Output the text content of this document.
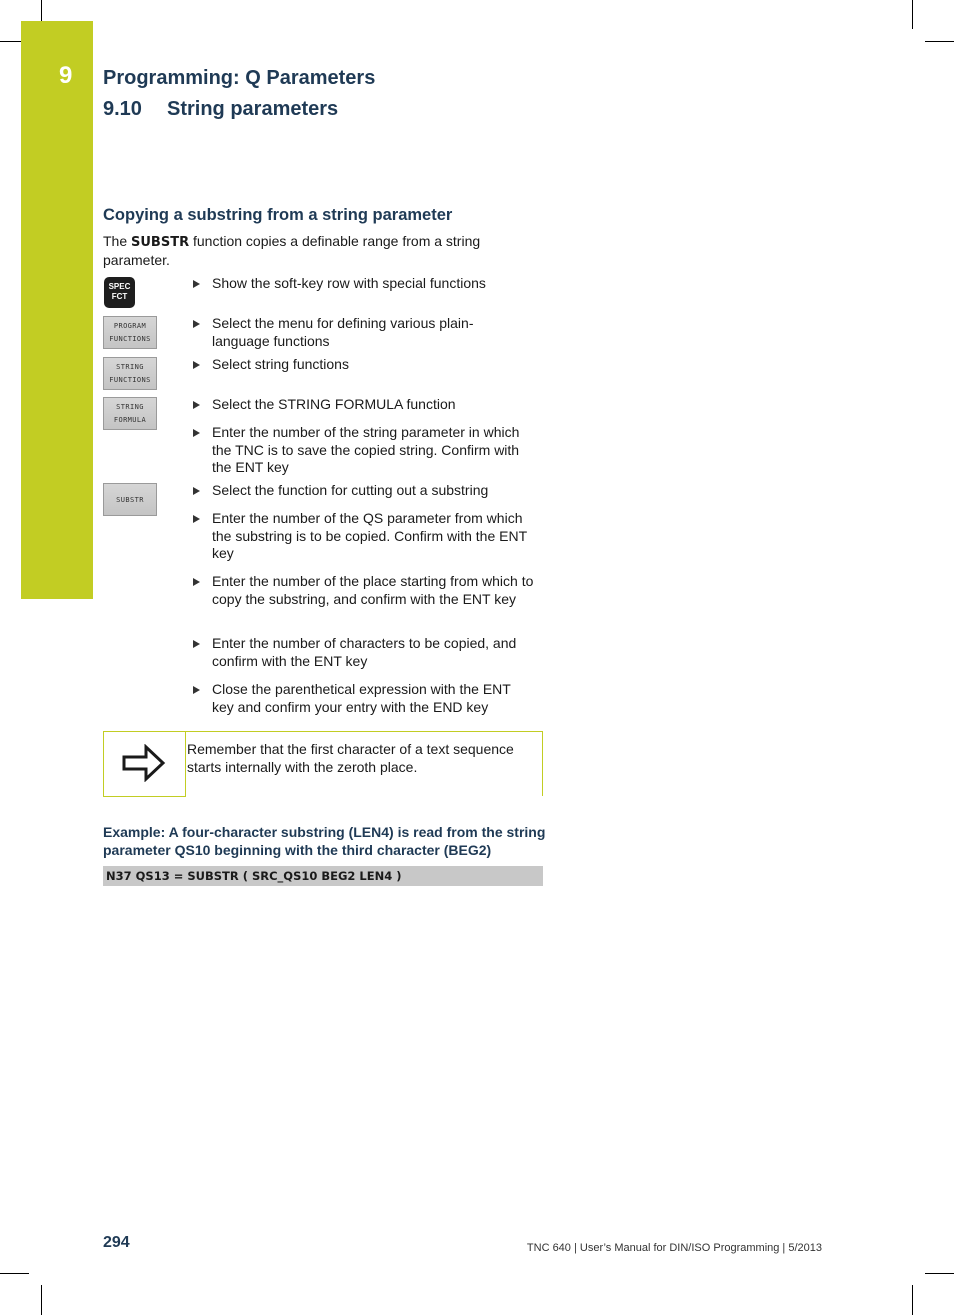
9 Programming: Q Parameters
9.10 String parameters
Copying a substring from a string parameter
The SUBSTR function copies a definable range from a string parameter.
SPEC
FCT
PROGRAM
FUNCTIONS
STRING
FUNCTIONS
STRING
FORMULA
SUBSTR
Show the soft-key row with special functions
Select the menu for defining various plain-language functions
Select string functions
Select the STRING FORMULA function
Enter the number of the string parameter in which the TNC is to save the copied string. Confirm with the ENT key
Select the function for cutting out a substring
Enter the number of the QS parameter from which the substring is to be copied. Confirm with the ENT key
Enter the number of the place starting from which to copy the substring, and confirm with the ENT key
Enter the number of characters to be copied, and confirm with the ENT key
Close the parenthetical expression with the ENT key and confirm your entry with the END key
Remember that the first character of a text sequence starts internally with the zeroth place.
Example: A four-character substring (LEN4) is read from the string parameter QS10 beginning with the third character (BEG2)
N37 QS13 = SUBSTR ( SRC_QS10 BEG2 LEN4 )
294	TNC 640 | User’s Manual for DIN/ISO Programming | 5/2013
